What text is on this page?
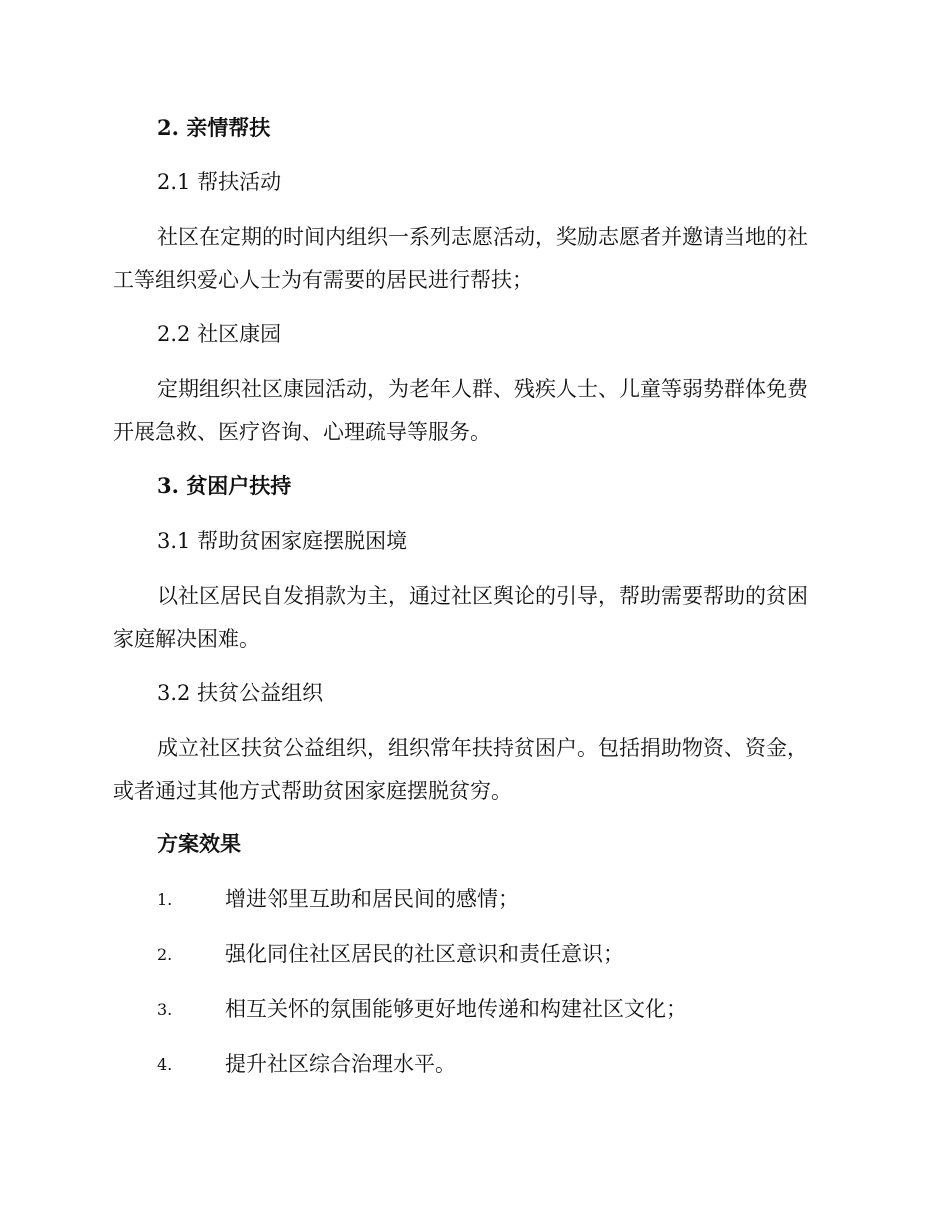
2. 亲情帮扶
2.1 帮扶活动
社区在定期的时间内组织一系列志愿活动，奖励志愿者并邀请当地的社
工等组织爱心人士为有需要的居民进行帮扶；
2.2 社区康园
定期组织社区康园活动，为老年人群、残疾人士、儿童等弱势群体免费
开展急救、医疗咨询、心理疏导等服务。
3. 贫困户扶持
3.1 帮助贫困家庭摆脱困境
以社区居民自发捐款为主，通过社区舆论的引导，帮助需要帮助的贫困
家庭解决困难。
3.2 扶贫公益组织
成立社区扶贫公益组织，组织常年扶持贫困户。包括捐助物资、资金，
或者通过其他方式帮助贫困家庭摆脱贫穷。
方案效果
1.	增进邻里互助和居民间的感情；
2.	强化同住社区居民的社区意识和责任意识；
3.	相互关怀的氛围能够更好地传递和构建社区文化；
4.	提升社区综合治理水平。
